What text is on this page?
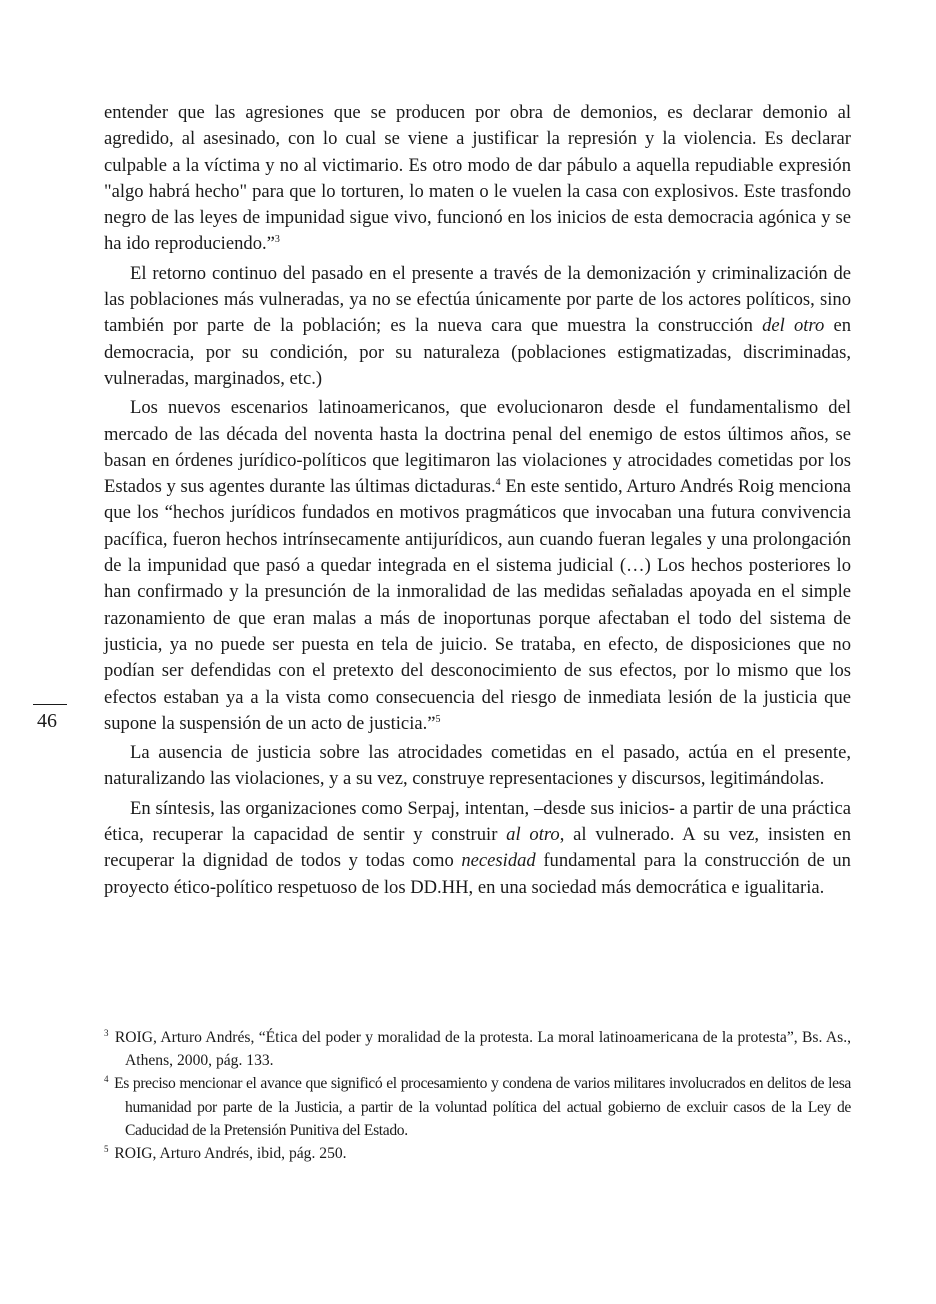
46

entender que las agresiones que se producen por obra de demonios, es declarar demonio al agredido, al asesinado, con lo cual se viene a justificar la represión y la violencia. Es declarar culpable a la víctima y no al victimario. Es otro modo de dar pábulo a aquella repudiable expresión "algo habrá hecho" para que lo torturen, lo maten o le vuelen la casa con explosivos. Este trasfondo negro de las leyes de impunidad sigue vivo, funcionó en los inicios de esta democracia agónica y se ha ido reproduciendo.”$^3$

El retorno continuo del pasado en el presente a través de la demonización y criminalización de las poblaciones más vulneradas, ya no se efectúa únicamente por parte de los actores políticos, sino también por parte de la población; es la nueva cara que muestra la construcción del otro en democracia, por su condición, por su naturaleza (poblaciones estigmatizadas, discriminadas, vulneradas, marginados, etc.)

Los nuevos escenarios latinoamericanos, que evolucionaron desde el fundamentalismo del mercado de las década del noventa hasta la doctrina penal del enemigo de estos últimos años, se basan en órdenes jurídico-políticos que legitimaron las violaciones y atrocidades cometidas por los Estados y sus agentes durante las últimas dictaduras.$^4$ En este sentido, Arturo Andrés Roig menciona que los “hechos jurídicos fundados en motivos pragmáticos que invocaban una futura convivencia pacífica, fueron hechos intrínsecamente antijurídicos, aun cuando fueran legales y una prolongación de la impunidad que pasó a quedar integrada en el sistema judicial (…) Los hechos posteriores lo han confirmado y la presunción de la inmoralidad de las medidas señaladas apoyada en el simple razonamiento de que eran malas a más de inoportunas porque afectaban el todo del sistema de justicia, ya no puede ser puesta en tela de juicio. Se trataba, en efecto, de disposiciones que no podían ser defendidas con el pretexto del desconocimiento de sus efectos, por lo mismo que los efectos estaban ya a la vista como consecuencia del riesgo de inmediata lesión de la justicia que supone la suspensión de un acto de justicia.”$^5$

La ausencia de justicia sobre las atrocidades cometidas en el pasado, actúa en el presente, naturalizando las violaciones, y a su vez, construye representaciones y discursos, legitimándolas.

En síntesis, las organizaciones como Serpaj, intentan, –desde sus inicios- a partir de una práctica ética, recuperar la capacidad de sentir y construir al otro, al vulnerado. A su vez, insisten en recuperar la dignidad de todos y todas como necesidad fundamental para la construcción de un proyecto ético-político respetuoso de los DD.HH, en una sociedad más democrática e igualitaria.

$^3$ ROIG, Arturo Andrés, “Ética del poder y moralidad de la protesta. La moral latinoamericana de la protesta”, Bs. As., Athens, 2000, pág. 133.

$^4$ Es preciso mencionar el avance que significó el procesamiento y condena de varios militares involucrados en delitos de lesa humanidad por parte de la Justicia, a partir de la voluntad política del actual gobierno de excluir casos de la Ley de Caducidad de la Pretensión Punitiva del Estado.

$^5$ ROIG, Arturo Andrés, ibid, pág. 250.
